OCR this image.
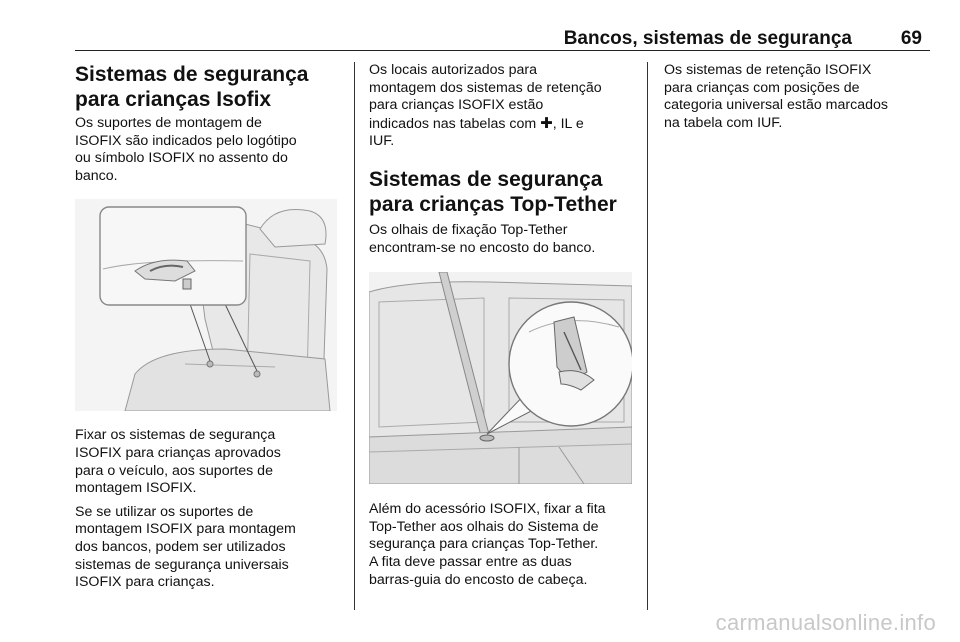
Bancos, sistemas de segurança	69
Sistemas de segurança
para crianças Isofix

Os suportes de montagem de
ISOFIX são indicados pelo logótipo
ou símbolo ISOFIX no assento do
banco.

Fixar os sistemas de segurança
ISOFIX para crianças aprovados
para o veículo, aos suportes de
montagem ISOFIX.

Se se utilizar os suportes de
montagem ISOFIX para montagem
dos bancos, podem ser utilizados
sistemas de segurança universais
ISOFIX para crianças.

Os locais autorizados para
montagem dos sistemas de retenção
para crianças ISOFIX estão
indicados nas tabelas com ✚, IL e
IUF.

Sistemas de segurança
para crianças Top-Tether

Os olhais de fixação Top-Tether
encontram-se no encosto do banco.

Além do acessório ISOFIX, fixar a fita
Top-Tether aos olhais do Sistema de
segurança para crianças Top-Tether.
A fita deve passar entre as duas
barras-guia do encosto de cabeça.

Os sistemas de retenção ISOFIX
para crianças com posições de
categoria universal estão marcados
na tabela com IUF.

carmanualsonline.info
